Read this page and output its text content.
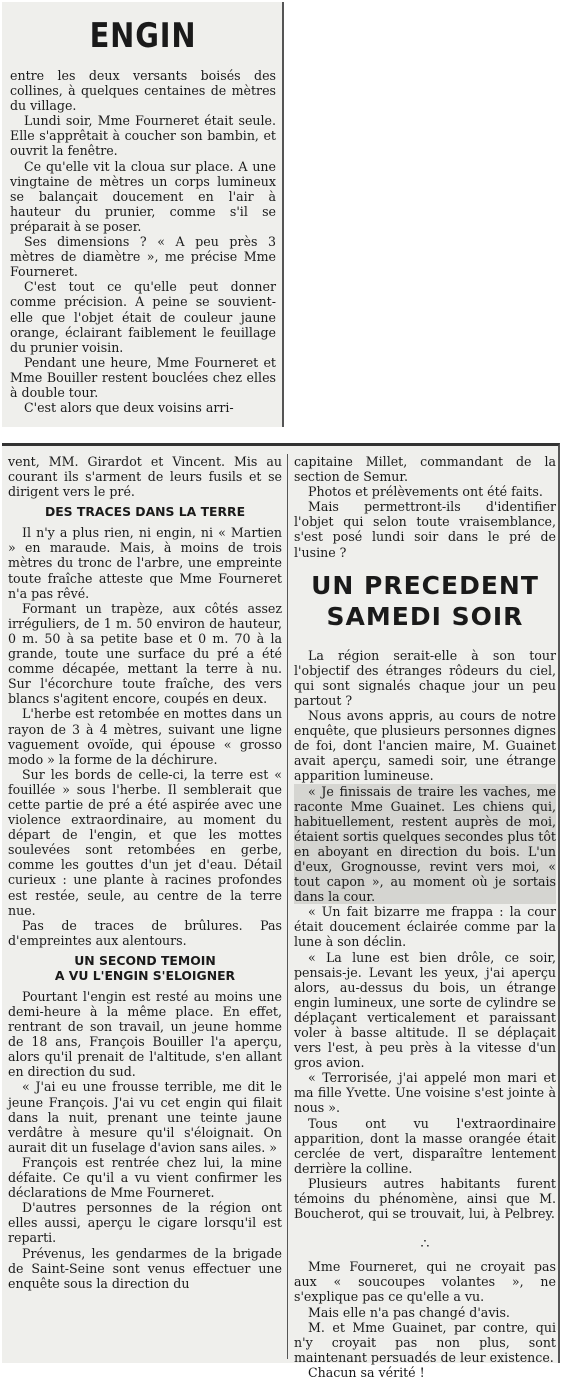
ENGIN

entre les deux versants boisés des collines, à quelques centaines de mètres du village.

Lundi soir, Mme Fourneret était seule. Elle s'apprêtait à coucher son bambin, et ouvrit la fenêtre.

Ce qu'elle vit la cloua sur place. A une vingtaine de mètres un corps lumineux se balançait doucement en l'air à hauteur du prunier, comme s'il se préparait à se poser.

Ses dimensions ? « A peu près 3 mètres de diamètre », me précise Mme Fourneret.

C'est tout ce qu'elle peut donner comme précision. A peine se souvient-elle que l'objet était de couleur jaune orange, éclairant faiblement le feuillage du prunier voisin.

Pendant une heure, Mme Fourneret et Mme Bouiller restent bouclées chez elles à double tour.

C'est alors que deux voisins arri-

vent, MM. Girardot et Vincent. Mis au courant ils s'arment de leurs fusils et se dirigent vers le pré.

DES TRACES DANS LA TERRE

Il n'y a plus rien, ni engin, ni « Martien » en maraude. Mais, à moins de trois mètres du tronc de l'arbre, une empreinte toute fraîche atteste que Mme Fourneret n'a pas rêvé.

Formant un trapèze, aux côtés assez irréguliers, de 1 m. 50 environ de hauteur, 0 m. 50 à sa petite base et 0 m. 70 à la grande, toute une surface du pré a été comme décapée, mettant la terre à nu. Sur l'écorchure toute fraîche, des vers blancs s'agitent encore, coupés en deux.

L'herbe est retombée en mottes dans un rayon de 3 à 4 mètres, suivant une ligne vaguement ovoïde, qui épouse « grosso modo » la forme de la déchirure.

Sur les bords de celle-ci, la terre est « fouillée » sous l'herbe. Il semblerait que cette partie de pré a été aspirée avec une violence extraordinaire, au moment du départ de l'engin, et que les mottes soulevées sont retombées en gerbe, comme les gouttes d'un jet d'eau. Détail curieux : une plante à racines profondes est restée, seule, au centre de la terre nue.

Pas de traces de brûlures. Pas d'empreintes aux alentours.

UN SECOND TEMOIN
A VU L'ENGIN S'ELOIGNER

Pourtant l'engin est resté au moins une demi-heure à la même place. En effet, rentrant de son travail, un jeune homme de 18 ans, François Bouiller l'a aperçu, alors qu'il prenait de l'altitude, s'en allant en direction du sud.

« J'ai eu une frousse terrible, me dit le jeune François. J'ai vu cet engin qui filait dans la nuit, prenant une teinte jaune verdâtre à mesure qu'il s'éloignait. On aurait dit un fuselage d'avion sans ailes. »

François est rentrée chez lui, la mine défaite. Ce qu'il a vu vient confirmer les déclarations de Mme Fourneret.

D'autres personnes de la région ont elles aussi, aperçu le cigare lorsqu'il est reparti.

Prévenus, les gendarmes de la brigade de Saint-Seine sont venus effectuer une enquête sous la direction du

capitaine Millet, commandant de la section de Semur.

Photos et prélèvements ont été faits.

Mais permettront-ils d'identifier l'objet qui selon toute vraisemblance, s'est posé lundi soir dans le pré de l'usine ?

UN PRECEDENT
SAMEDI SOIR

La région serait-elle à son tour l'objectif des étranges rôdeurs du ciel, qui sont signalés chaque jour un peu partout ?

Nous avons appris, au cours de notre enquête, que plusieurs personnes dignes de foi, dont l'ancien maire, M. Guainet avait aperçu, samedi soir, une étrange apparition lumineuse.

« Je finissais de traire les vaches, me raconte Mme Guainet. Les chiens qui, habituellement, restent auprès de moi, étaient sortis quelques secondes plus tôt en aboyant en direction du bois. L'un d'eux, Grognousse, revint vers moi, « tout capon », au moment où je sortais dans la cour.

« Un fait bizarre me frappa : la cour était doucement éclairée comme par la lune à son déclin.

« La lune est bien drôle, ce soir, pensais-je. Levant les yeux, j'ai aperçu alors, au-dessus du bois, un étrange engin lumineux, une sorte de cylindre se déplaçant verticalement et paraissant voler à basse altitude. Il se déplaçait vers l'est, à peu près à la vitesse d'un gros avion.

« Terrorisée, j'ai appelé mon mari et ma fille Yvette. Une voisine s'est jointe à nous ».

Tous ont vu l'extraordinaire apparition, dont la masse orangée était cerclée de vert, disparaître lentement derrière la colline.

Plusieurs autres habitants furent témoins du phénomène, ainsi que M. Boucherot, qui se trouvait, lui, à Pelbrey.

∴

Mme Fourneret, qui ne croyait pas aux « soucoupes volantes », ne s'explique pas ce qu'elle a vu.

Mais elle n'a pas changé d'avis.

M. et Mme Guainet, par contre, qui n'y croyait pas non plus, sont maintenant persuadés de leur existence.

Chacun sa vérité !
